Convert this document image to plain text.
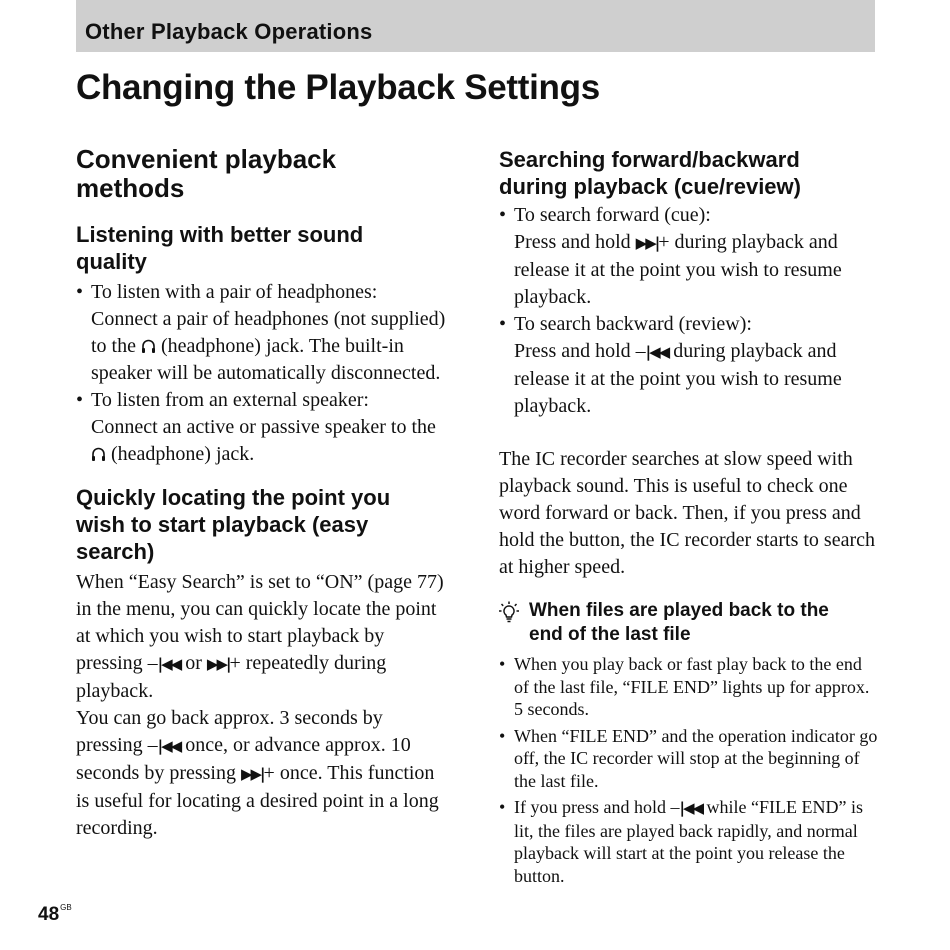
Other Playback Operations
Changing the Playback Settings
Convenient playback
methods
Listening with better sound
quality
• To listen with a pair of headphones:
Connect a pair of headphones (not supplied) to the  (headphone) jack. The built-in speaker will be automatically disconnected.
• To listen from an external speaker:
Connect an active or passive speaker to the  (headphone) jack.
Quickly locating the point you
wish to start playback (easy
search)

When “Easy Search” is set to “ON” (page 77) in the menu, you can quickly locate the point at which you wish to start playback by pressing –|◀◀ or ▶▶|+ repeatedly during playback.

You can go back approx. 3 seconds by pressing –|◀◀ once, or advance approx. 10 seconds by pressing ▶▶|+ once. This function is useful for locating a desired point in a long recording.

Searching forward/backward
during playback (cue/review)
• To search forward (cue):
Press and hold ▶▶|+ during playback and release it at the point you wish to resume playback.
• To search backward (review):
Press and hold –|◀◀ during playback and release it at the point you wish to resume playback.

The IC recorder searches at slow speed with playback sound. This is useful to check one word forward or back. Then, if you press and hold the button, the IC recorder starts to search at higher speed.

When files are played back to the
end of the last file
• When you play back or fast play back to the end of the last file, “FILE END” lights up for approx. 5 seconds.
• When “FILE END” and the operation indicator go off, the IC recorder will stop at the beginning of the last file.
• If you press and hold –|◀◀ while “FILE END” is lit, the files are played back rapidly, and normal playback will start at the point you release the button.
$48^{GB}$
